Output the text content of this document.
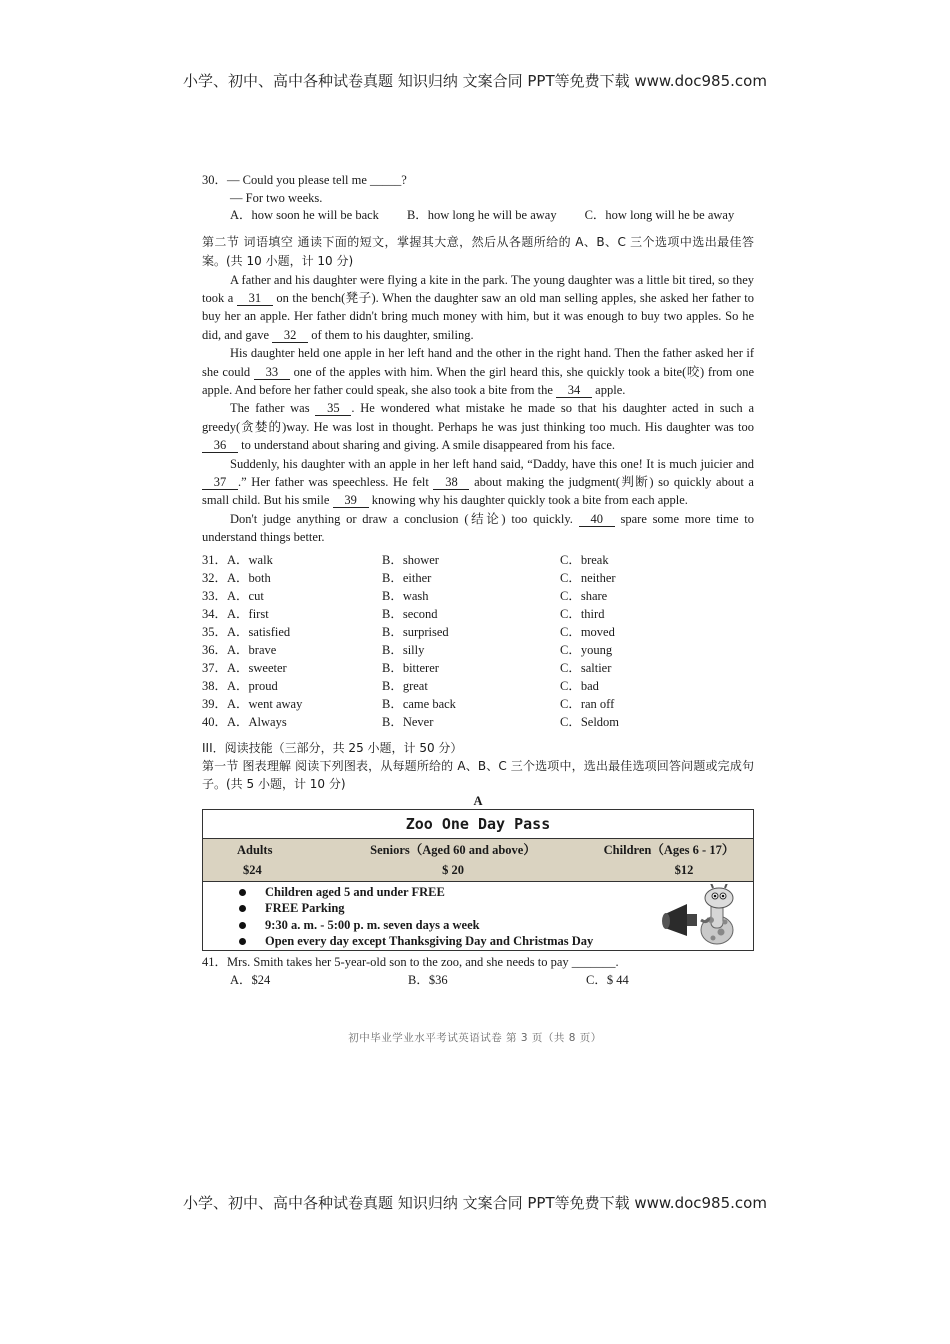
小学、初中、高中各种试卷真题 知识归纳 文案合同 PPT等免费下载 www.doc985.com
30．— Could you please tell me _____?
— For two weeks.
A．how soon he will be back B．how long he will be away C．how long will he be away
第二节 词语填空 通读下面的短文，掌握其大意，然后从各题所给的 A、B、C 三个选项中选出最佳答案。(共 10 小题，计 10 分)

A father and his daughter were flying a kite in the park. The young daughter was a little bit tired, so they took a 31 on the bench(凳子). When the daughter saw an old man selling apples, she asked her father to buy her an apple. Her father didn't bring much money with him, but it was enough to buy two apples. So he did, and gave 32 of them to his daughter, smiling.

His daughter held one apple in her left hand and the other in the right hand. Then the father asked her if she could 33 one of the apples with him. When the girl heard this, she quickly took a bite(咬) from one apple. And before her father could speak, she also took a bite from the 34 apple.

The father was 35 . He wondered what mistake he made so that his daughter acted in such a greedy(贪婪的)way. He was lost in thought. Perhaps he was just thinking too much. His daughter was too 36 to understand about sharing and giving. A smile disappeared from his face.

Suddenly, his daughter with an apple in her left hand said, “Daddy, have this one! It is much juicier and 37 .” Her father was speechless. He felt 38 about making the judgment(判断) so quickly about a small child. But his smile 39 knowing why his daughter quickly took a bite from each apple.

Don't judge anything or draw a conclusion (结论) too quickly. 40 spare some more time to understand things better.

31．A．walk	B．shower	C．break
32．A．both	B．either	C．neither
33．A．cut	B．wash	C．share
34．A．first	B．second	C．third
35．A．satisfied	B．surprised	C．moved
36．A．brave	B．silly	C．young
37．A．sweeter	B．bitterer	C．saltier
38．A．proud	B．great	C．bad
39．A．went away	B．came back	C．ran off
40．A．Always	B．Never	C．Seldom
III．阅读技能（三部分，共 25 小题，计 50 分）
第一节 图表理解 阅读下列图表，从每题所给的 A、B、C 三个选项中，选出最佳选项回答问题或完成句子。(共 5 小题，计 10 分)
A
Zoo One Day Pass
Adults	Seniors（Aged 60 and above）	Children（Ages 6 - 17）
$24	$ 20	$12
Children aged 5 and under FREE
FREE Parking
9:30 a. m. - 5:00 p. m. seven days a week
Open every day except Thanksgiving Day and Christmas Day
41．Mrs. Smith takes her 5-year-old son to the zoo, and she needs to pay _______.
A．$24	B．$36	C．$ 44
初中毕业学业水平考试英语试卷 第 3 页（共 8 页）
小学、初中、高中各种试卷真题 知识归纳 文案合同 PPT等免费下载 www.doc985.com
